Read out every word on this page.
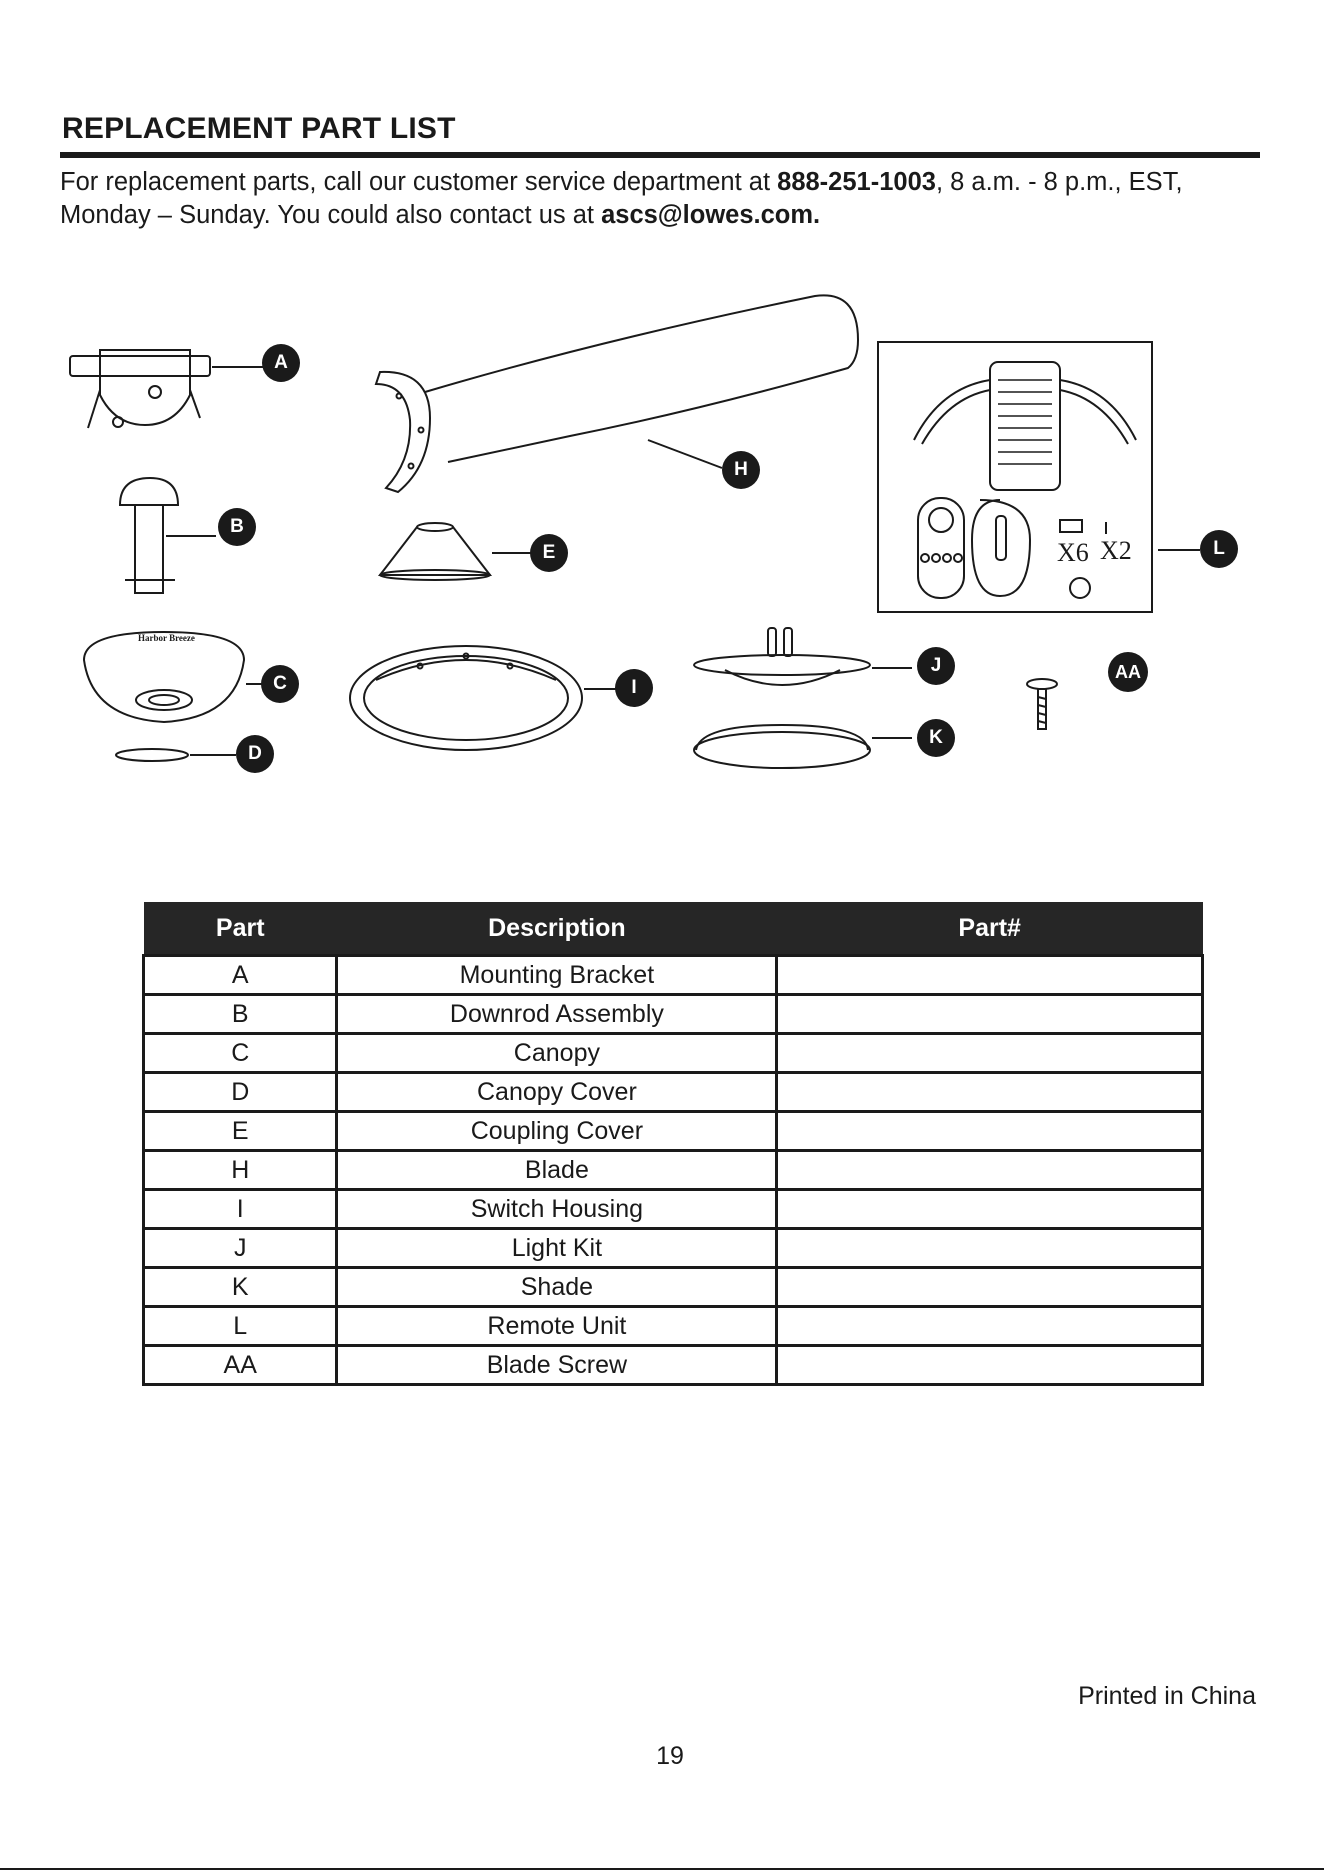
REPLACEMENT PART LIST
For replacement parts, call our customer service department at 888-251-1003, 8 a.m. - 8 p.m., EST, Monday – Sunday. You could also contact us at ascs@lowes.com.
A
B
C
D
E
H
I
L
J
K
AA
X6 X2
Harbor Breeze
Part	Description	Part#
A	Mounting Bracket	
B	Downrod Assembly	
C	Canopy	
D	Canopy Cover	
E	Coupling Cover	
H	Blade	
I	Switch Housing	
J	Light Kit	
K	Shade	
L	Remote Unit	
AA	Blade Screw	
Printed in China
19
